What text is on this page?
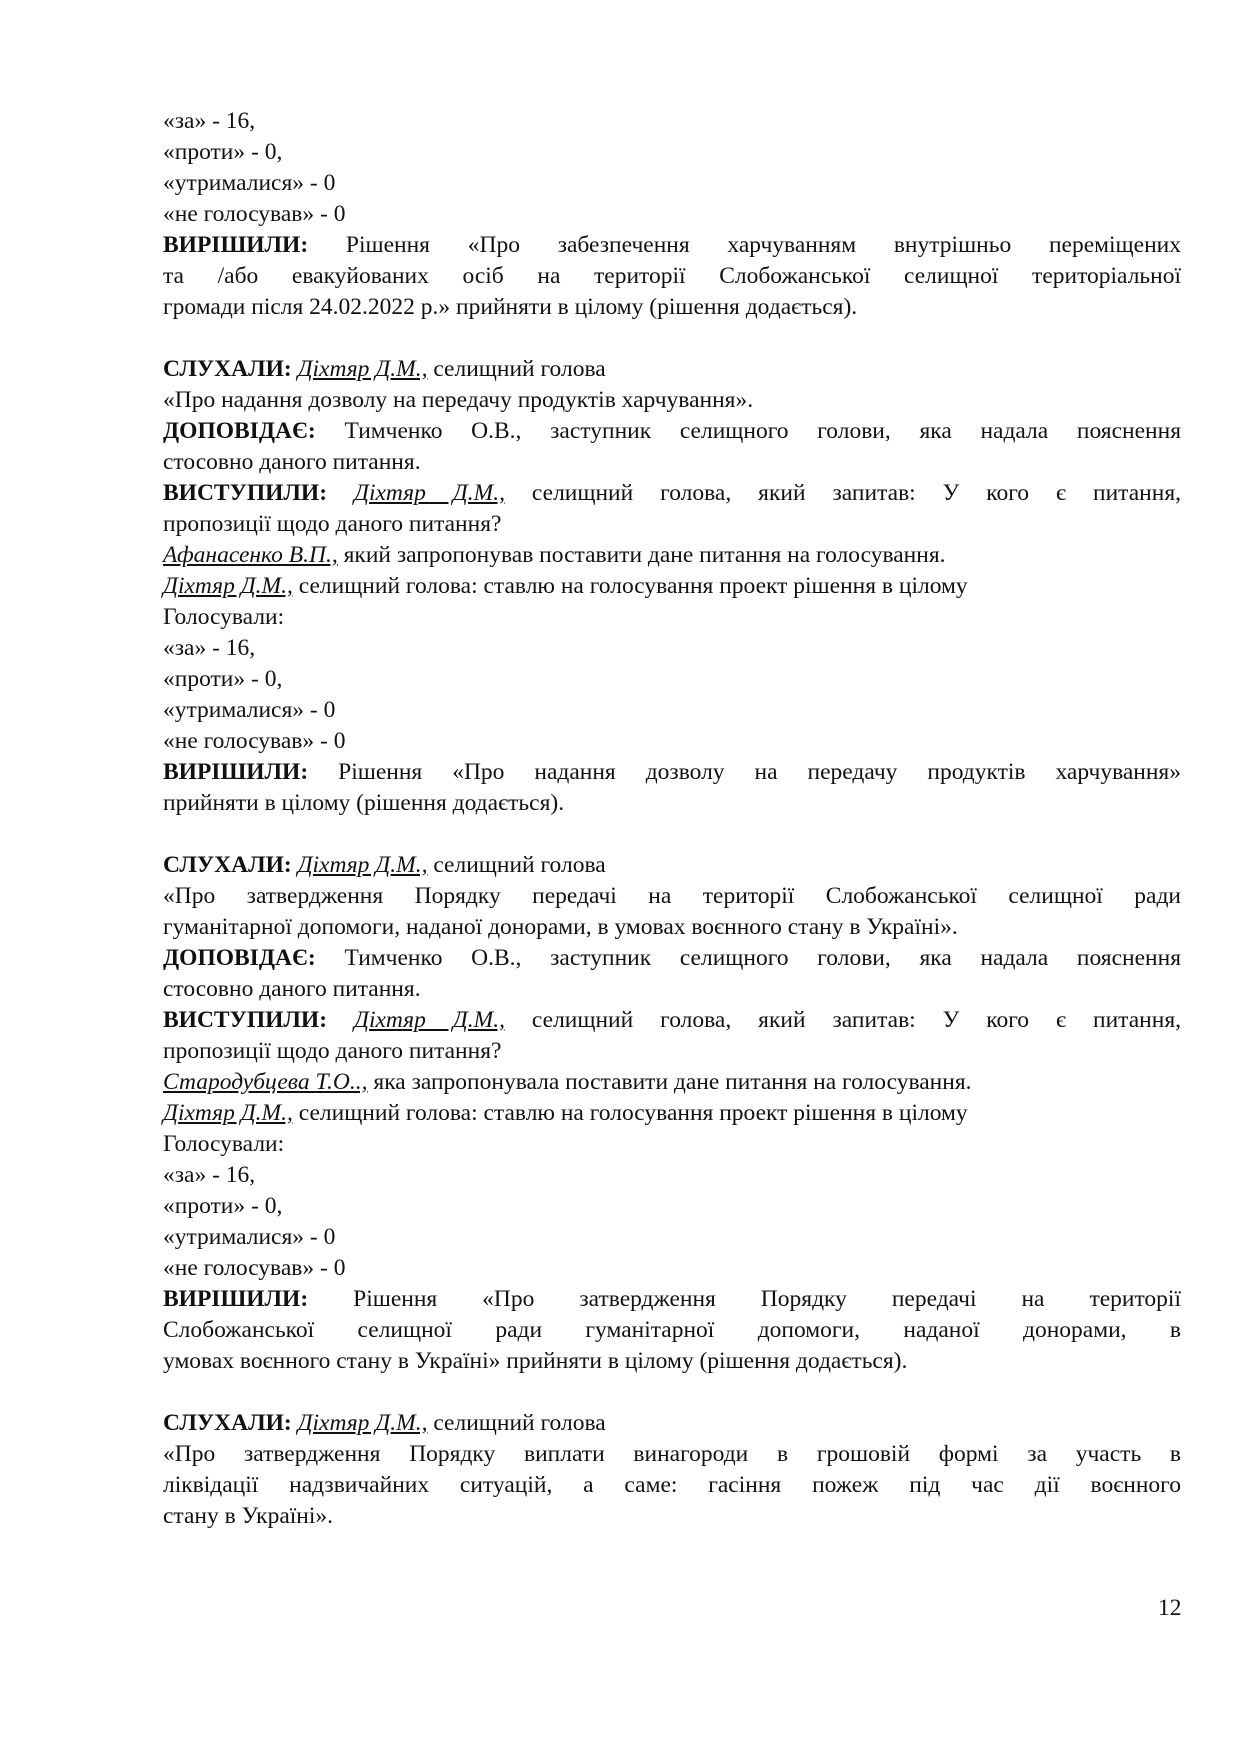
«за» - 16,
«проти» - 0,
«утрималися» - 0
«не голосував» - 0
ВИРІШИЛИ: Рішення «Про забезпечення харчуванням внутрішньо переміщених
та /або евакуйованих осіб на території Слобожанської селищної територіальної
громади після 24.02.2022 р.» прийняти в цілому (рішення додається).
СЛУХАЛИ: Діхтяр Д.М., селищний голова
«Про надання дозволу на передачу продуктів харчування».
ДОПОВІДАЄ: Тимченко О.В., заступник селищного голови, яка надала пояснення
стосовно даного питання.
ВИСТУПИЛИ: Діхтяр Д.М., селищний голова, який запитав: У кого є питання,
пропозиції щодо даного питання?
Афанасенко В.П., який запропонував поставити дане питання на голосування.
Діхтяр Д.М., селищний голова: ставлю на голосування проект рішення в цілому
Голосували:
«за» - 16,
«проти» - 0,
«утрималися» - 0
«не голосував» - 0
ВИРІШИЛИ: Рішення «Про надання дозволу на передачу продуктів харчування»
прийняти в цілому (рішення додається).
СЛУХАЛИ: Діхтяр Д.М., селищний голова
«Про затвердження Порядку передачі на території Слобожанської селищної ради
гуманітарної допомоги, наданої донорами, в умовах воєнного стану в Україні».
ДОПОВІДАЄ: Тимченко О.В., заступник селищного голови, яка надала пояснення
стосовно даного питання.
ВИСТУПИЛИ: Діхтяр Д.М., селищний голова, який запитав: У кого є питання,
пропозиції щодо даного питання?
Стародубцева Т.О.., яка запропонувала поставити дане питання на голосування.
Діхтяр Д.М., селищний голова: ставлю на голосування проект рішення в цілому
Голосували:
«за» - 16,
«проти» - 0,
«утрималися» - 0
«не голосував» - 0
ВИРІШИЛИ: Рішення «Про затвердження Порядку передачі на території
Слобожанської селищної ради гуманітарної допомоги, наданої донорами, в
умовах воєнного стану в Україні» прийняти в цілому (рішення додається).
СЛУХАЛИ: Діхтяр Д.М., селищний голова
«Про затвердження Порядку виплати винагороди в грошовій формі за участь в
ліквідації надзвичайних ситуацій, а саме: гасіння пожеж під час дії воєнного
стану в Україні».
12
